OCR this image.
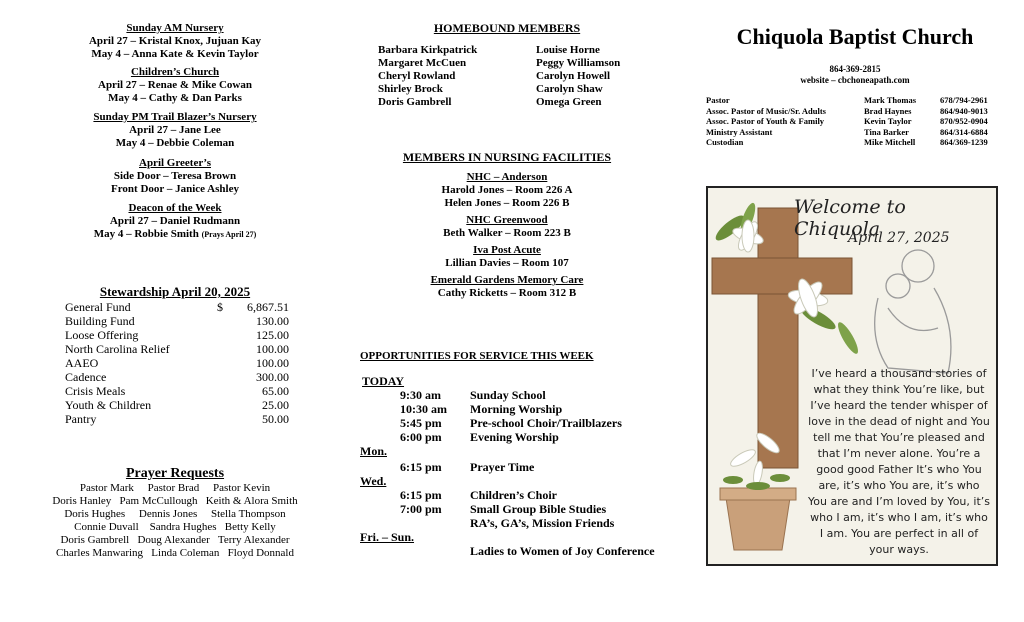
Sunday AM Nursery
April 27 – Kristal Knox, Jujuan Kay
May 4 – Anna Kate & Kevin Taylor
Children’s Church
April 27 – Renae & Mike Cowan
May 4 – Cathy & Dan Parks
Sunday PM Trail Blazer’s Nursery
April 27 – Jane Lee
May 4 – Debbie Coleman
April Greeter’s
Side Door – Teresa Brown
Front Door – Janice Ashley
Deacon of the Week
April 27 – Daniel Rudmann
May 4 – Robbie Smith (Prays April 27)
Stewardship April 20, 2025
General Fund	$	6,867.51
Building Fund	130.00
Loose Offering	125.00
North Carolina Relief	100.00
AAEO	100.00
Cadence	300.00
Crisis Meals	65.00
Youth & Children	25.00
Pantry	50.00
Prayer Requests
Pastor Mark     Pastor Brad     Pastor Kevin
Doris Hanley   Pam McCullough   Keith & Alora Smith
Doris Hughes     Dennis Jones     Stella Thompson
Connie Duvall    Sandra Hughes   Betty Kelly
Doris Gambrell   Doug Alexander   Terry Alexander
Charles Manwaring   Linda Coleman   Floyd Donnald
HOMEBOUND MEMBERS
Barbara Kirkpatrick	Louise Horne
Margaret McCuen	Peggy Williamson
Cheryl Rowland	Carolyn Howell
Shirley Brock	Carolyn Shaw
Doris Gambrell	Omega Green
MEMBERS IN NURSING FACILITIES
NHC – Anderson
Harold Jones – Room 226 A
Helen Jones – Room 226 B
NHC Greenwood
Beth Walker – Room 223 B
Iva Post Acute
Lillian Davies – Room 107
Emerald Gardens Memory Care
Cathy Ricketts – Room 312 B
OPPORTUNITIES FOR SERVICE THIS WEEK
TODAY
9:30 am	Sunday School
10:30 am	Morning Worship
5:45 pm	Pre-school Choir/Trailblazers
6:00 pm	Evening Worship
Mon.
6:15 pm	Prayer Time
Wed.
6:15 pm	Children’s Choir
7:00 pm	Small Group Bible Studies
RA’s, GA’s, Mission Friends
Fri. – Sun.
Ladies to Women of Joy Conference
Chiquola Baptist Church
864-369-2815
website – cbchoneapath.com
Pastor	Mark Thomas	678/794-2961
Assoc. Pastor of Music/Sr. Adults	Brad Haynes	864/940-9013
Assoc. Pastor of Youth & Family	Kevin Taylor	870/952-0904
Ministry Assistant	Tina Barker	864/314-6884
Custodian	Mike Mitchell	864/369-1239
Welcome to Chiquola
April 27, 2025
I’ve heard a thousand stories of what they think You’re like, but I’ve heard the tender whisper of love in the dead of night and You tell me that You’re pleased and that I’m never alone. You’re a good good Father It’s who You are, it’s who You are, it’s who You are and I’m loved by You, it’s who I am, it’s who I am, it’s who I am. You are perfect in all of your ways.
